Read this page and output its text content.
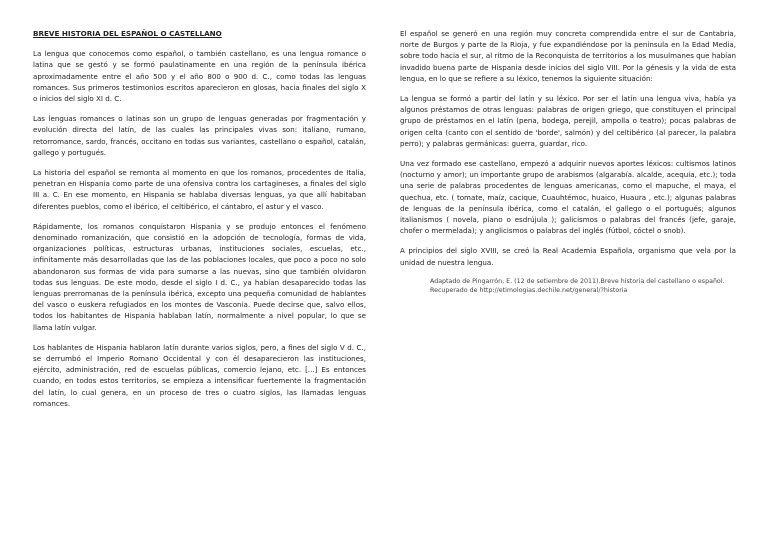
BREVE HISTORIA DEL ESPAÑOL O CASTELLANO

La lengua que conocemos como español, o también castellano, es una lengua romance o latina que se gestó y se formó paulatinamente en una región de la península ibérica aproximadamente entre el año 500 y el año 800 o 900 d. C., como todas las lenguas romances. Sus primeros testimonios escritos aparecieron en glosas, hacia finales del siglo X o inicios del siglo XI d. C.

Las lenguas romances o latinas son un grupo de lenguas generadas por fragmentación y evolución directa del latín, de las cuales las principales vivas son: italiano, rumano, retorromance, sardo, francés, occitano en todas sus variantes, castellano o español, catalán, gallego y portugués.

La historia del español se remonta al momento en que los romanos, procedentes de Italia, penetran en Hispania como parte de una ofensiva contra los cartagineses, a finales del siglo III a. C. En ese momento, en Hispania se hablaba diversas lenguas, ya que allí habitaban diferentes pueblos, como el ibérico, el celtibérico, el cántabro, el astur y el vasco.

Rápidamente, los romanos conquistaron Hispania y se produjo entonces el fenómeno denominado romanización, que consistió en la adopción de tecnología, formas de vida, organizaciones políticas, estructuras urbanas, instituciones sociales, escuelas, etc., infinitamente más desarrolladas que las de las poblaciones locales, que poco a poco no solo abandonaron sus formas de vida para sumarse a las nuevas, sino que también olvidaron todas sus lenguas. De este modo, desde el siglo I d. C., ya habían desaparecido todas las lenguas prerromanas de la península ibérica, excepto una pequeña comunidad de hablantes del vasco o euskera refugiados en los montes de Vasconia. Puede decirse que, salvo ellos, todos los habitantes de Hispania hablaban latín, normalmente a nivel popular, lo que se llama latín vulgar.

Los hablantes de Hispania hablaron latín durante varios siglos, pero, a fines del siglo V d. C., se derrumbó el Imperio Romano Occidental y con él desaparecieron las instituciones, ejército, administración, red de escuelas públicas, comercio lejano, etc. [...] Es entonces cuando, en todos estos territorios, se empieza a intensificar fuertemente la fragmentación del latín, lo cual genera, en un proceso de tres o cuatro siglos, las llamadas lenguas romances.

El español se generó en una región muy concreta comprendida entre el sur de Cantabria, norte de Burgos y parte de la Rioja, y fue expandiéndose por la península en la Edad Media, sobre todo hacia el sur, al ritmo de la Reconquista de territorios a los musulmanes que habían invadido buena parte de Hispania desde inicios del siglo VIII. Por la génesis y la vida de esta lengua, en lo que se refiere a su léxico, tenemos la siguiente situación:

La lengua se formó a partir del latín y su léxico. Por ser el latín una lengua viva, había ya algunos préstamos de otras lenguas: palabras de origen griego, que constituyen el principal grupo de préstamos en el latín (pena, bodega, perejil, ampolla o teatro); pocas palabras de origen celta (canto con el sentido de 'borde', salmón) y del celtibérico (al parecer, la palabra perro); y palabras germánicas: guerra, guardar, rico.

Una vez formado ese castellano, empezó a adquirir nuevos aportes léxicos: cultismos latinos (nocturno y amor); un importante grupo de arabismos (algarabía. alcalde, acequia, etc.); toda una serie de palabras procedentes de lenguas americanas, como el mapuche, el maya, el quechua, etc. ( tomate, maíz, cacique, Cuauhtémoc, huaico, Huaura , etc.); algunas palabras de lenguas de la península ibérica, como el catalán, el gallego o el portugués; algunos italianismos ( novela, piano o esdrújula ); galicismos o palabras del francés (jefe, garaje, chofer o mermelada); y anglicismos o palabras del inglés (fútbol, cóctel o snob).

A principios del siglo XVIII, se creó la Real Academia Española, organismo que vela por la unidad de nuestra lengua.

Adaptado de Pingarrón, E. (12 de setiembre de 2011).Breve historia del castellano o español. Recuperado de http://etimologias.dechile.net/general/?historia
